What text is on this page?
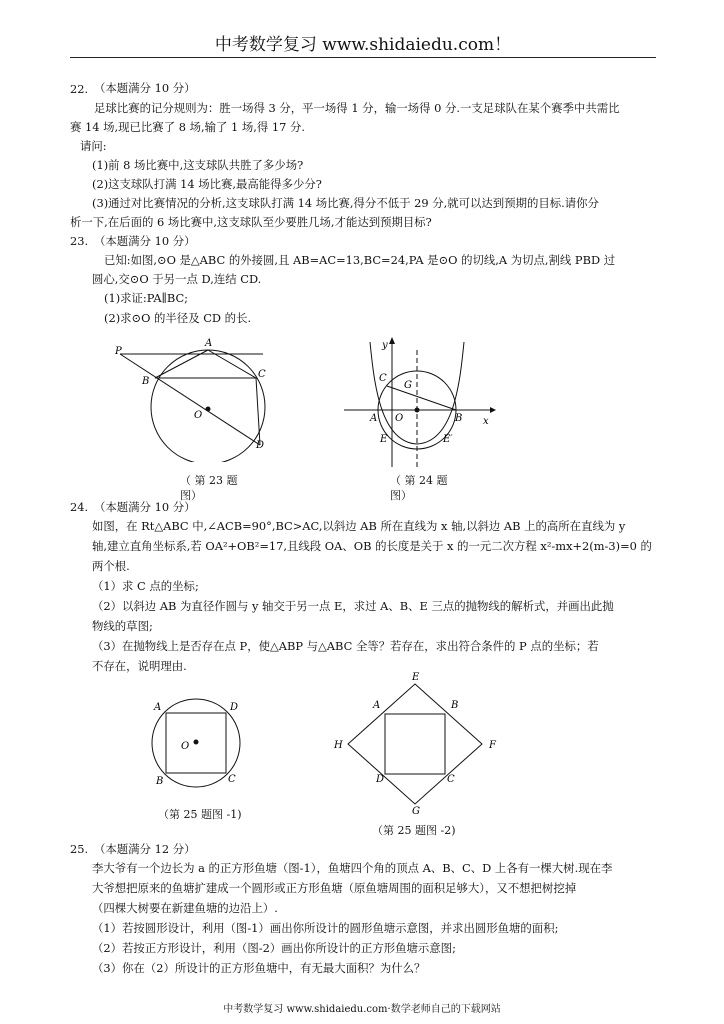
中考数学复习 www.shidaiedu.com！
22. （本题满分 10 分）
足球比赛的记分规则为：胜一场得 3 分，平一场得 1 分，输一场得 0 分.一支足球队在某个赛季中共需比
赛 14 场,现已比赛了 8 场,输了 1 场,得 17 分.
请问:
(1)前 8 场比赛中,这支球队共胜了多少场?
(2)这支球队打满 14 场比赛,最高能得多少分?
(3)通过对比赛情况的分析,这支球队打满 14 场比赛,得分不低于 29 分,就可以达到预期的目标.请你分
析一下,在后面的 6 场比赛中,这支球队至少要胜几场,才能达到预期目标?
23. （本题满分 10 分）
已知:如图,⊙O 是△ABC 的外接圆,且 AB=AC=13,BC=24,PA 是⊙O 的切线,A 为切点,割线 PBD 过
圆心,交⊙O 于另一点 D,连结 CD.
(1)求证:PA∥BC;
(2)求⊙O 的半径及 CD 的长.
P
A
B
C
O
D
（ 第 23 题
图）
y
x
C
G
A O	B
E	E′
（ 第 24 题
图）
24. （本题满分 10 分）
如图，在 Rt△ABC 中,∠ACB=90°,BC>AC,以斜边 AB 所在直线为 x 轴,以斜边 AB 上的高所在直线为 y
轴,建立直角坐标系,若 OA²+OB²=17,且线段 OA、OB 的长度是关于 x 的一元二次方程 x²-mx+2(m-3)=0 的
两个根.
（1）求 C 点的坐标;
（2）以斜边 AB 为直径作圆与 y 轴交于另一点 E，求过 A、B、E 三点的抛物线的解析式，并画出此抛
物线的草图;
（3）在抛物线上是否存在点 P，使△ABP 与△ABC 全等？若存在，求出符合条件的 P 点的坐标；若
不存在，说明理由.
A	D
O
B	C
（第 25 题图 -1)
E
A	B
H	F
D	C
G
（第 25 题图 -2)
25. （本题满分 12 分）
李大爷有一个边长为 a 的正方形鱼塘（图-1），鱼塘四个角的顶点 A、B、C、D 上各有一棵大树.现在李
大爷想把原来的鱼塘扩建成一个圆形或正方形鱼塘（原鱼塘周围的面积足够大），又不想把树挖掉
（四棵大树要在新建鱼塘的边沿上）.
（1）若按圆形设计，利用（图-1）画出你所设计的圆形鱼塘示意图，并求出圆形鱼塘的面积;
（2）若按正方形设计，利用（图-2）画出你所设计的正方形鱼塘示意图;
（3）你在（2）所设计的正方形鱼塘中，有无最大面积？为什么？
中考数学复习 www.shidaiedu.com·数学老师自己的下载网站
